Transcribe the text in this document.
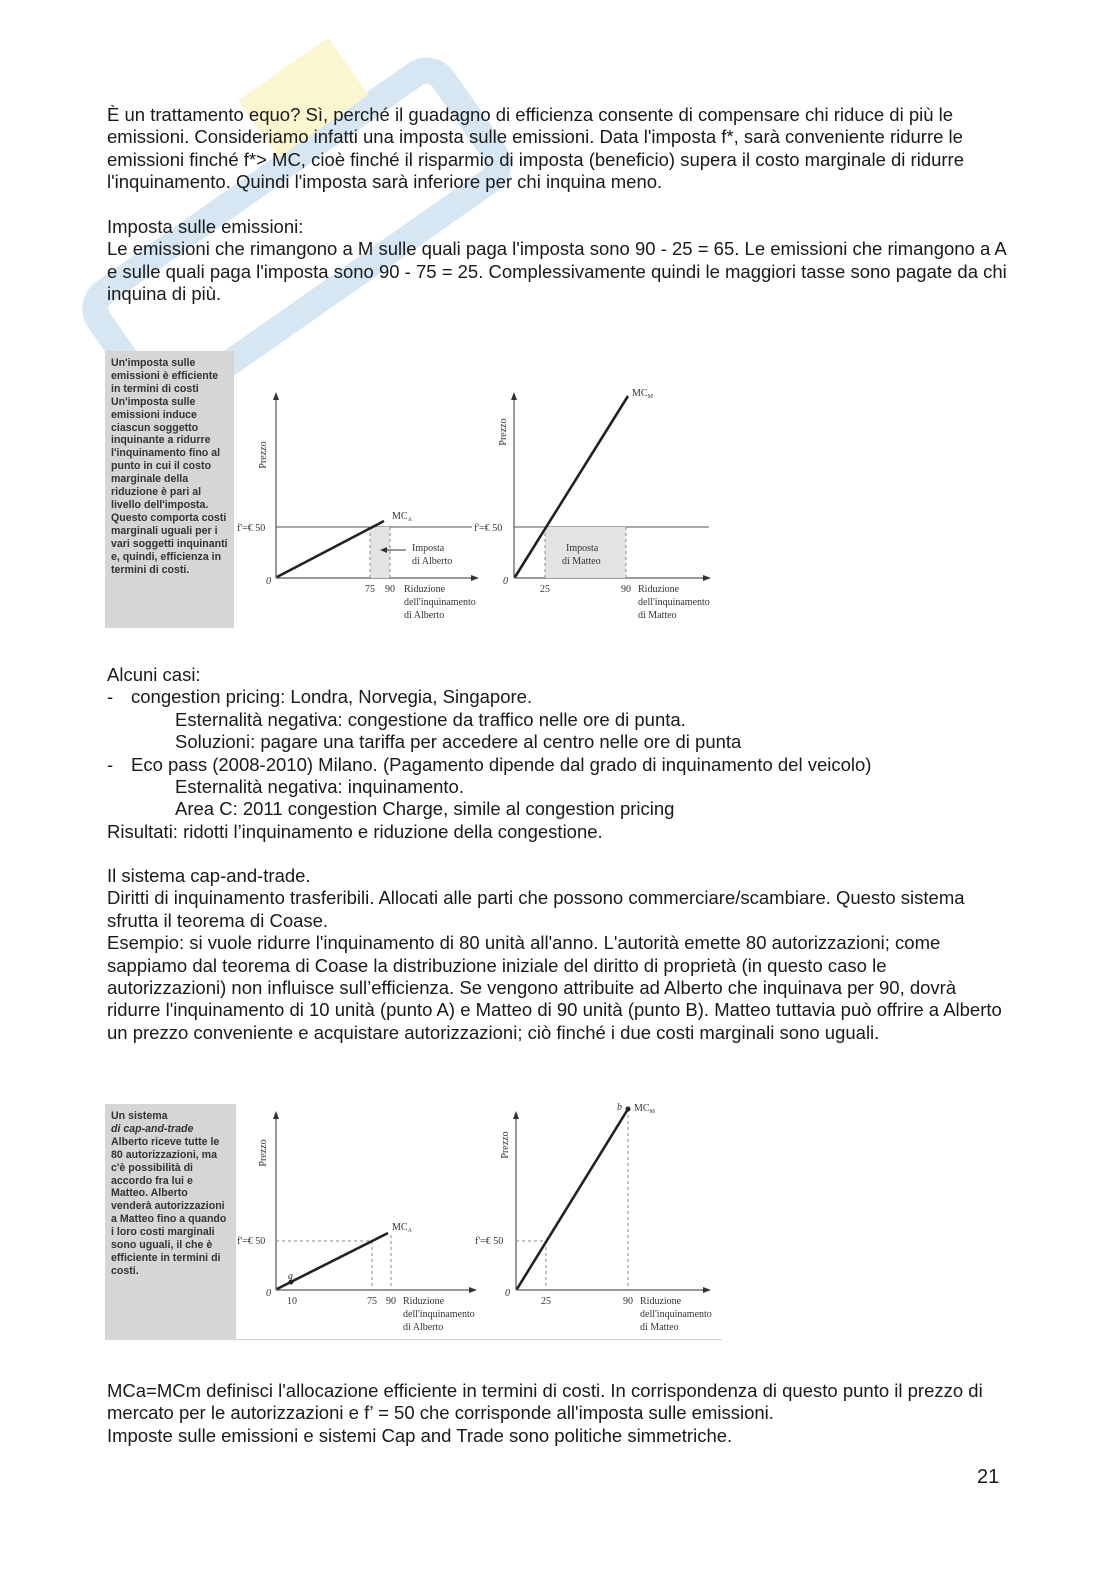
È un trattamento equo? Sì, perché il guadagno di efficienza consente di compensare chi riduce di più le emissioni. Consideriamo infatti una imposta sulle emissioni. Data l'imposta f*, sarà conveniente ridurre le emissioni finché f*> MC, cioè finché il risparmio di imposta (beneficio) supera il costo marginale di ridurre l'inquinamento. Quindi l'imposta sarà inferiore per chi inquina meno.

Imposta sulle emissioni:

Le emissioni che rimangono a M sulle quali paga l'imposta sono 90 - 25 = 65. Le emissioni che rimangono a A e sulle quali paga l'imposta sono 90 - 75 = 25. Complessivamente quindi le maggiori tasse sono pagate da chi inquina di più.

Un'imposta sulle emissioni è efficiente in termini di costi
Un'imposta sulle emissioni induce ciascun soggetto inquinante a ridurre l'inquinamento fino al punto in cui il costo marginale della riduzione è pari al livello dell'imposta. Questo comporta costi marginali uguali per i vari soggetti inquinanti e, quindi, efficienza in termini di costi.
Prezzo
$MC_A$
Imposta
di Alberto
f'=€ 50
0
75 90 Riduzione
dell'inquinamento
di Alberto
Prezzo
$MC_M$
Imposta
di Matteo
f'=€ 50
0
25	90 Riduzione
dell'inquinamento
di Matteo

Alcuni casi:

- congestion pricing: Londra, Norvegia, Singapore.

Esternalità negativa: congestione da traffico nelle ore di punta.

Soluzioni: pagare una tariffa per accedere al centro nelle ore di punta

- Eco pass (2008-2010) Milano. (Pagamento dipende dal grado di inquinamento del veicolo)

Esternalità negativa: inquinamento.

Area C: 2011 congestion Charge, simile al congestion pricing

Risultati: ridotti l’inquinamento e riduzione della congestione.

Il sistema cap-and-trade.

Diritti di inquinamento trasferibili. Allocati alle parti che possono commerciare/scambiare. Questo sistema sfrutta il teorema di Coase.

Esempio: si vuole ridurre l'inquinamento di 80 unità all'anno. L'autorità emette 80 autorizzazioni; come sappiamo dal teorema di Coase la distribuzione iniziale del diritto di proprietà (in questo caso le autorizzazioni) non influisce sull’efficienza. Se vengono attribuite ad Alberto che inquinava per 90, dovrà ridurre l'inquinamento di 10 unità (punto A) e Matteo di 90 unità (punto B). Matteo tuttavia può offrire a Alberto un prezzo conveniente e acquistare autorizzazioni; ciò finché i due costi marginali sono uguali.

Un sistema
di cap-and-trade
Alberto riceve tutte le 80 autorizzazioni, ma c'è possibilità di accordo fra lui e Matteo. Alberto venderà autorizzazioni a Matteo fino a quando i loro costi marginali sono uguali, il che è efficiente in termini di costi.
Prezzo
a
$MC_A$
f'=€ 50
0
10	75 90 Riduzione
dell'inquinamento
di Alberto
Prezzo
b $MC_M$
f'=€ 50
0
25	90 Riduzione
dell'inquinamento
di Matteo

MCa=MCm definisci l'allocazione efficiente in termini di costi. In corrispondenza di questo punto il prezzo di mercato per le autorizzazioni e f’ = 50 che corrisponde all'imposta sulle emissioni.

Imposte sulle emissioni e sistemi Cap and Trade sono politiche simmetriche.

21
